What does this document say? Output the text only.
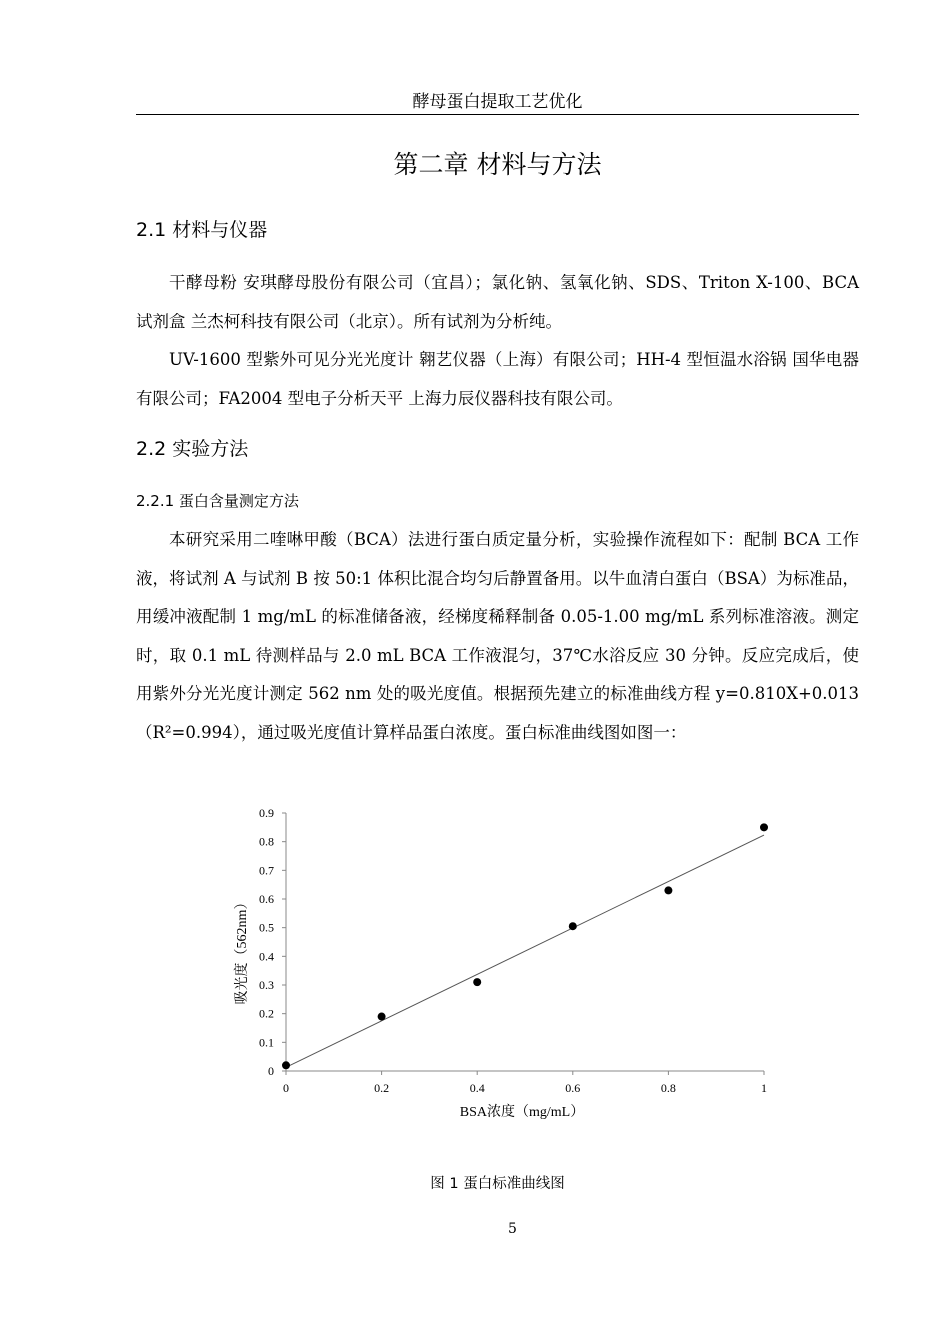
酵母蛋白提取工艺优化
第二章 材料与方法
2.1 材料与仪器

干酵母粉 安琪酵母股份有限公司（宜昌）；氯化钠、氢氧化钠、SDS、Triton X-100、BCA 试剂盒 兰杰柯科技有限公司（北京）。所有试剂为分析纯。

UV-1600 型紫外可见分光光度计 翱艺仪器（上海）有限公司；HH-4 型恒温水浴锅 国华电器有限公司；FA2004 型电子分析天平 上海力辰仪器科技有限公司。

2.2 实验方法
2.2.1 蛋白含量测定方法

本研究采用二喹啉甲酸（BCA）法进行蛋白质定量分析，实验操作流程如下：配制 BCA 工作液，将试剂 A 与试剂 B 按 50:1 体积比混合均匀后静置备用。以牛血清白蛋白（BSA）为标准品，用缓冲液配制 1 mg/mL 的标准储备液，经梯度稀释制备 0.05-1.00 mg/mL 系列标准溶液。测定时，取 0.1 mL 待测样品与 2.0 mL BCA 工作液混匀，37℃水浴反应 30 分钟。反应完成后，使用紫外分光光度计测定 562 nm 处的吸光度值。根据预先建立的标准曲线方程 y=0.810X+0.013（R²=0.994），通过吸光度值计算样品蛋白浓度。蛋白标准曲线图如图一：

0
0.1
0.2
0.3
0.4
0.5
0.6
0.7
0.8
0.9
0	0.2	0.4	0.6	0.8	1
BSA浓度（mg/mL）
吸光度（562nm）
图 1 蛋白标准曲线图
5
